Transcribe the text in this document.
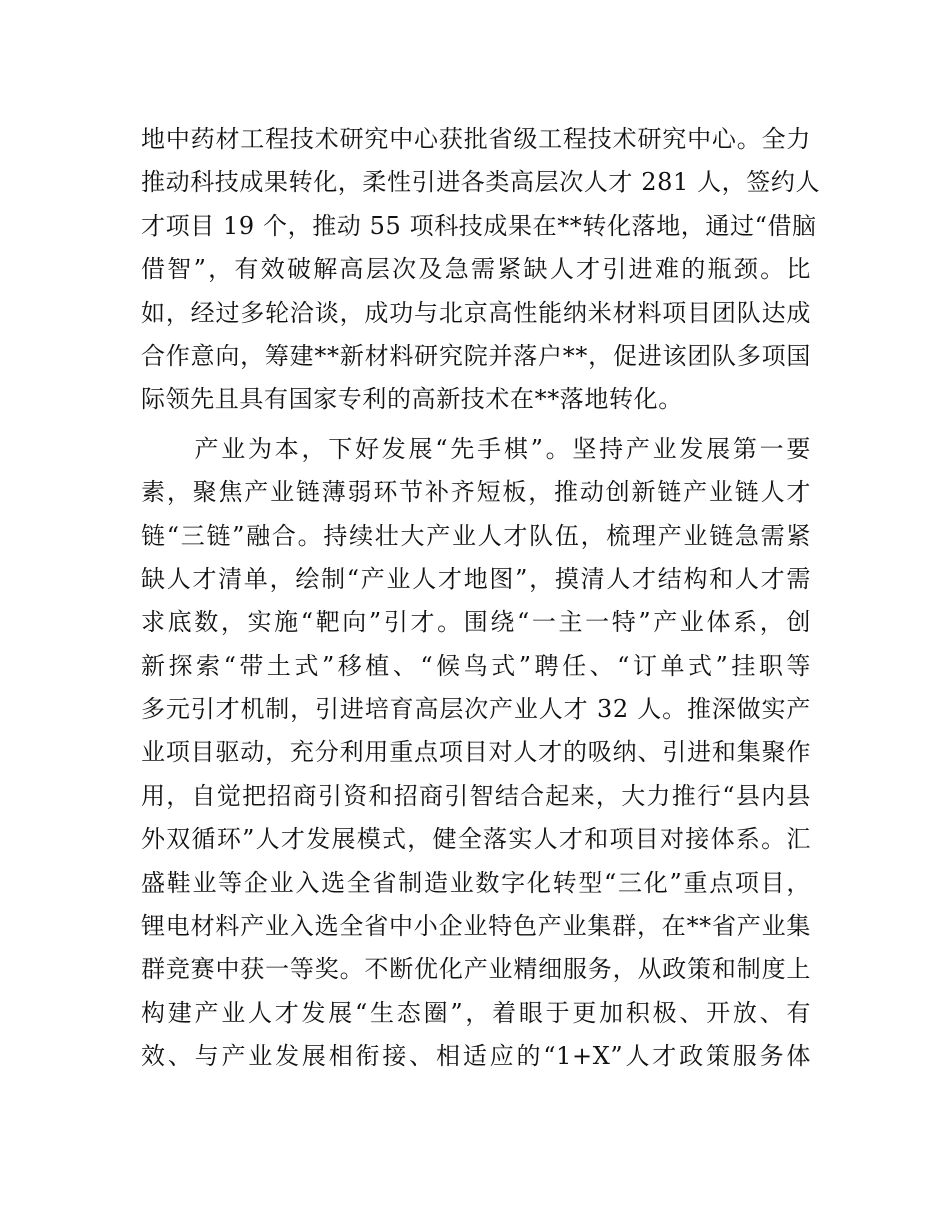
地中药材工程技术研究中心获批省级工程技术研究中心。全力
推动科技成果转化，柔性引进各类高层次人才 281 人，签约人
才项目 19 个，推动 55 项科技成果在**转化落地，通过“借脑
借智”，有效破解高层次及急需紧缺人才引进难的瓶颈。比
如，经过多轮洽谈，成功与北京高性能纳米材料项目团队达成
合作意向，筹建**新材料研究院并落户**，促进该团队多项国
际领先且具有国家专利的高新技术在**落地转化。

　　产业为本，下好发展“先手棋”。坚持产业发展第一要
素，聚焦产业链薄弱环节补齐短板，推动创新链产业链人才
链“三链”融合。持续壮大产业人才队伍，梳理产业链急需紧
缺人才清单，绘制“产业人才地图”，摸清人才结构和人才需
求底数，实施“靶向”引才。围绕“一主一特”产业体系，创
新探索“带土式”移植、“候鸟式”聘任、“订单式”挂职等
多元引才机制，引进培育高层次产业人才 32 人。推深做实产
业项目驱动，充分利用重点项目对人才的吸纳、引进和集聚作
用，自觉把招商引资和招商引智结合起来，大力推行“县内县
外双循环”人才发展模式，健全落实人才和项目对接体系。汇
盛鞋业等企业入选全省制造业数字化转型“三化”重点项目，
锂电材料产业入选全省中小企业特色产业集群，在**省产业集
群竞赛中获一等奖。不断优化产业精细服务，从政策和制度上
构建产业人才发展“生态圈”，着眼于更加积极、开放、有
效、与产业发展相衔接、相适应的“1+X”人才政策服务体
